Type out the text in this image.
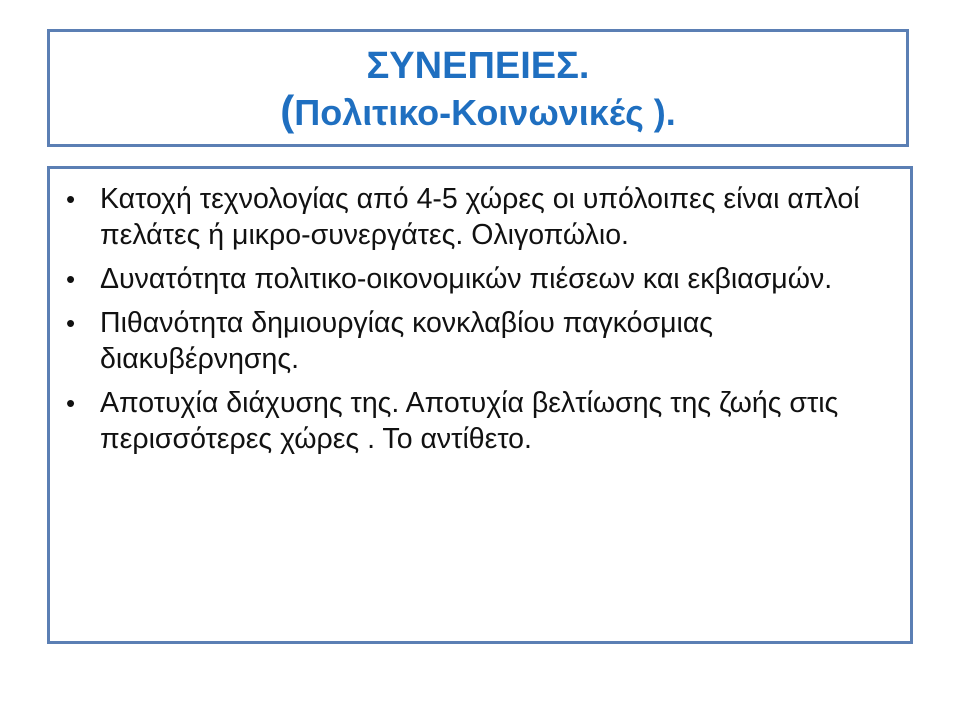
ΣΥΝΕΠΕΙΕΣ.
(Πολιτικο-Κοινωνικές ).
• Κατοχή τεχνολογίας από 4-5 χώρες οι υπόλοιπες είναι απλοί πελάτες ή μικρο-συνεργάτες. Ολιγοπώλιο.
• Δυνατότητα πολιτικο-οικονομικών πιέσεων και εκβιασμών.
• Πιθανότητα δημιουργίας κονκλαβίου παγκόσμιας διακυβέρνησης.
• Αποτυχία διάχυσης της. Αποτυχία βελτίωσης της ζωής στις περισσότερες χώρες . Το αντίθετο.
